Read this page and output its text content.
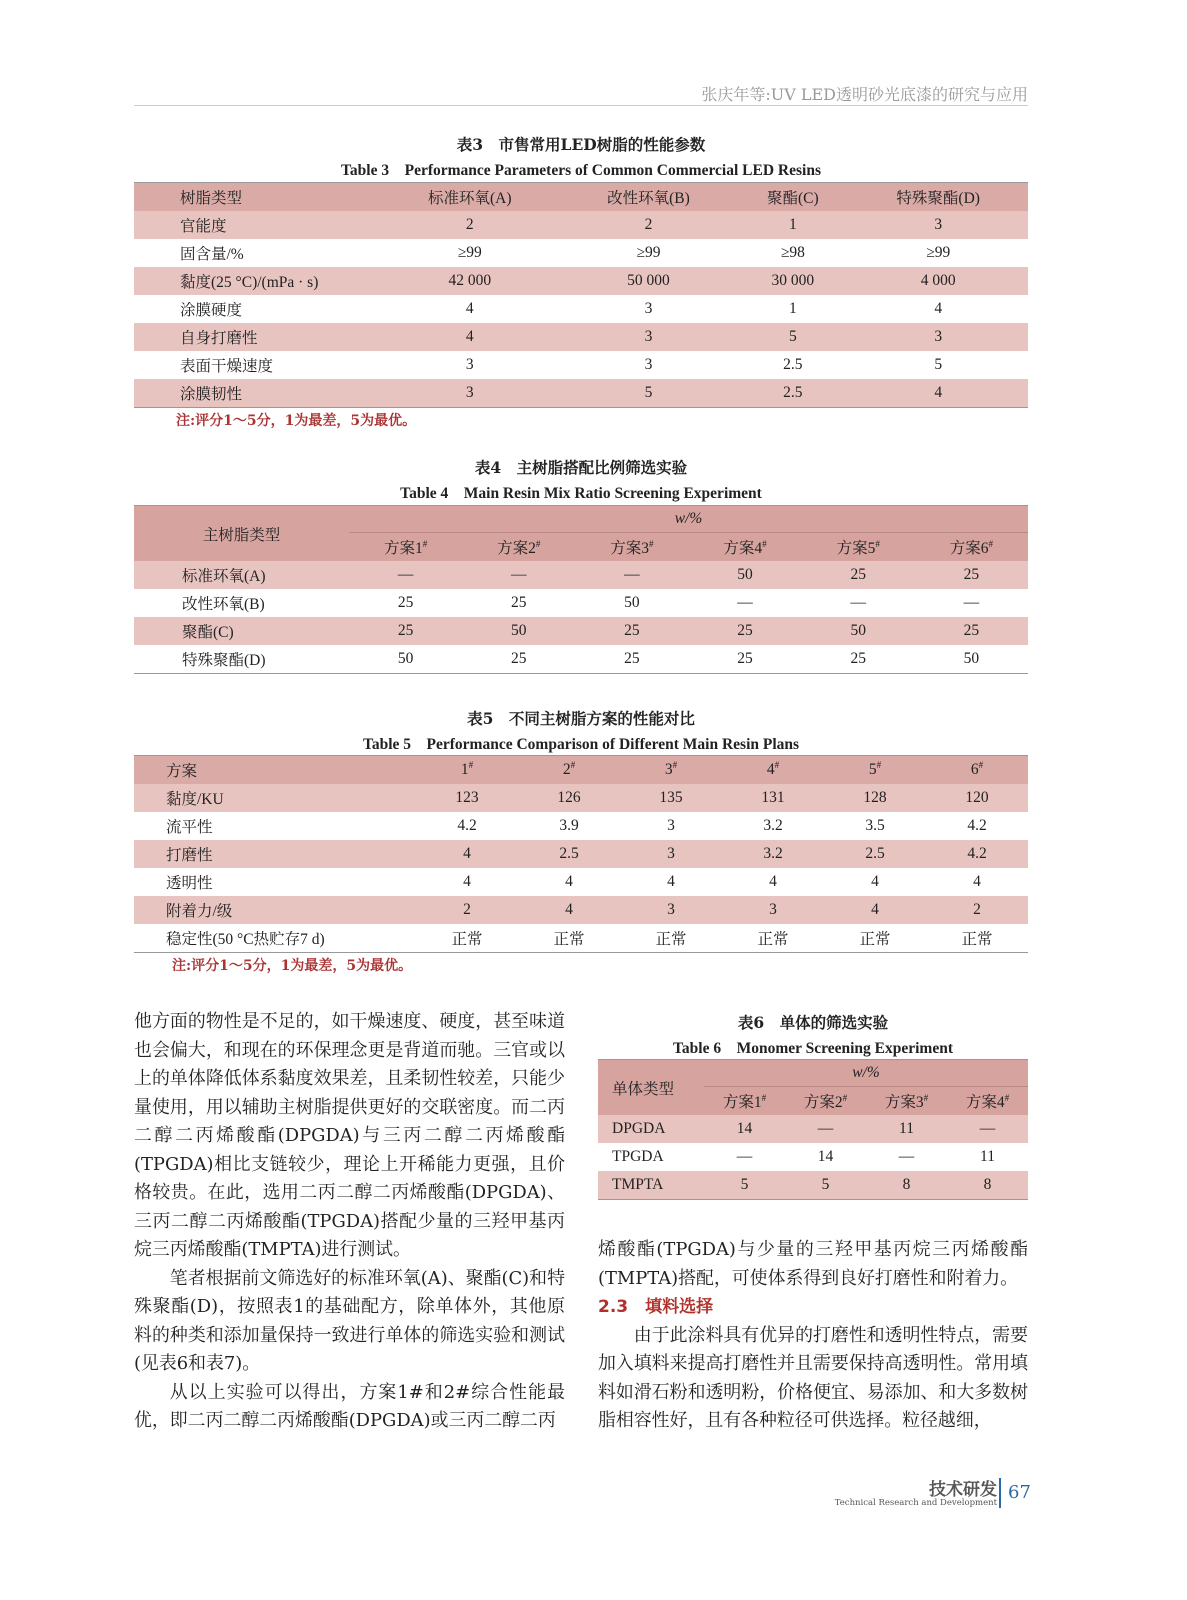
张庆年等:UV LED透明砂光底漆的研究与应用
表3　市售常用LED树脂的性能参数
Table 3　Performance Parameters of Common Commercial LED Resins
树脂类型	标准环氧(A)	改性环氧(B)	聚酯(C)	特殊聚酯(D)
官能度	2	2	1	3
固含量/%	≥99	≥99	≥98	≥99
黏度(25 °C)/(mPa · s)	42 000	50 000	30 000	4 000
涂膜硬度	4	3	1	4
自身打磨性	4	3	5	3
表面干燥速度	3	3	2.5	5
涂膜韧性	3	5	2.5	4
注:评分1～5分，1为最差，5为最优。
表4　主树脂搭配比例筛选实验
Table 4　Main Resin Mix Ratio Screening Experiment
主树脂类型	w/%					
	方案1#	方案2#	方案3#	方案4#	方案5#	方案6#
标准环氧(A)	—	—	—	50	25	25
改性环氧(B)	25	25	50	—	—	—
聚酯(C)	25	50	25	25	50	25
特殊聚酯(D)	50	25	25	25	25	50
表5　不同主树脂方案的性能对比
Table 5　Performance Comparison of Different Main Resin Plans
方案	1#	2#	3#	4#	5#	6#
黏度/KU	123	126	135	131	128	120
流平性	4.2	3.9	3	3.2	3.5	4.2
打磨性	4	2.5	3	3.2	2.5	4.2
透明性	4	4	4	4	4	4
附着力/级	2	4	3	3	4	2
稳定性(50 °C热贮存7 d)	正常	正常	正常	正常	正常	正常
注:评分1～5分，1为最差，5为最优。

他方面的物性是不足的，如干燥速度、硬度，甚至味道也会偏大，和现在的环保理念更是背道而驰。三官或以上的单体降低体系黏度效果差，且柔韧性较差，只能少量使用，用以辅助主树脂提供更好的交联密度。而二丙二醇二丙烯酸酯(DPGDA)与三丙二醇二丙烯酸酯(TPGDA)相比支链较少，理论上开稀能力更强，且价格较贵。在此，选用二丙二醇二丙烯酸酯(DPGDA)、三丙二醇二丙烯酸酯(TPGDA)搭配少量的三羟甲基丙烷三丙烯酸酯(TMPTA)进行测试。

笔者根据前文筛选好的标准环氧(A)、聚酯(C)和特殊聚酯(D)，按照表1的基础配方，除单体外，其他原料的种类和添加量保持一致进行单体的筛选实验和测试(见表6和表7)。

从以上实验可以得出，方案1#和2#综合性能最优，即二丙二醇二丙烯酸酯(DPGDA)或三丙二醇二丙

表6　单体的筛选实验
Table 6　Monomer Screening Experiment
单体类型	w/%			
	方案1#	方案2#	方案3#	方案4#
DPGDA	14	—	11	—
TPGDA	—	14	—	11
TMPTA	5	5	8	8

烯酸酯(TPGDA)与少量的三羟甲基丙烷三丙烯酸酯(TMPTA)搭配，可使体系得到良好打磨性和附着力。

2.3　填料选择

由于此涂料具有优异的打磨性和透明性特点，需要加入填料来提高打磨性并且需要保持高透明性。常用填料如滑石粉和透明粉，价格便宜、易添加、和大多数树脂相容性好，且有各种粒径可供选择。粒径越细，

技术研发
Technical Research and Development 67
